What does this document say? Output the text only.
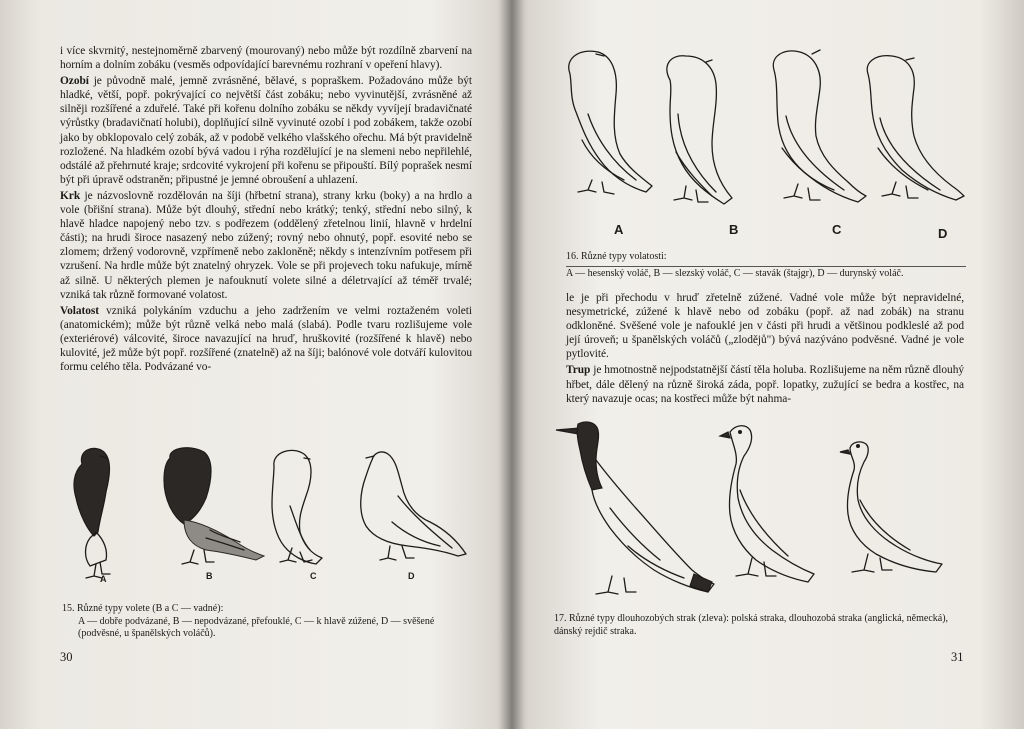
i více skvrnitý, nestejnoměrně zbarvený (mourovaný) nebo může být rozdílně zbarvení na horním a dolním zobáku (vesměs odpovídající barevnému rozhraní v opeření hlavy).

Ozobí je původně malé, jemně zvrásněné, bělavé, s popraškem. Požadováno může být hladké, větší, popř. pokrývající co největší část zobáku; nebo vyvinutější, zvrásněné až silněji rozšířené a zduřelé. Také při kořenu dolního zobáku se někdy vyvíjejí bradavičnaté výrůstky (bradavičnatí holubi), doplňující silně vyvinuté ozobí i pod zobákem, takže ozobí jako by obklopovalo celý zobák, až v podobě velkého vlašského ořechu. Má být pravidelně rozložené. Na hladkém ozobí bývá vadou i rýha rozdělující je na slemeni nebo nepřilehlé, odstálé až přehrnuté kraje; srdcovité vykrojení při kořenu se připouští. Bílý poprašek nesmí být při úpravě odstraněn; připustné je jemné obroušení a uhlazení.

Krk je názvoslovně rozdělován na šíji (hřbetní strana), strany krku (boky) a na hrdlo a vole (břišní strana). Může být dlouhý, střední nebo krátký; tenký, střední nebo silný, k hlavě hladce napojený nebo tzv. s podřezem (oddělený zřetelnou linií, hlavně v hrdelní části); na hrudi široce nasazený nebo zúžený; rovný nebo ohnutý, popř. esovité nebo se zlomem; držený vodorovně, vzpřímeně nebo zakloněně; někdy s intenzívním potřesem při vzrušení. Na hrdle může být znatelný ohryzek. Vole se při projevech toku nafukuje, mírně až silně. U některých plemen je nafouknutí volete silné a déletrvající až téměř trvalé; vzniká tak různě formované volatost.

Volatost vzniká polykáním vzduchu a jeho zadržením ve velmi roztaženém voleti (anatomickém); může být různě velká nebo malá (slabá). Podle tvaru rozlišujeme vole (exteriérové) válcovité, široce navazující na hruď, hruškovité (rozšířené k hlavě) nebo kulovité, jež může být popř. rozšířené (znatelně) až na šíji; balónové vole dotváří kulovitou formu celého těla. Podvázané vo-

A	B	C	D
15. Různé typy volete (B a C — vadné):
A — dobře podvázané, B — nepodvázané, přefouklé, C — k hlavě zúžené, D — svěšené (podvěsné, u španělských voláčů).
30
A	B	C	D
16. Různé typy volatosti:
A — hesenský voláč, B — slezský voláč, C — stavák (štajgr), D — durynský voláč.

le je při přechodu v hruď zřetelně zúžené. Vadné vole může být nepravidelné, nesymetrické, zúžené k hlavě nebo od zobáku (popř. až nad zobák) na stranu odkloněné. Svěšené vole je nafouklé jen v části při hrudi a většinou podkleslé až pod její úroveň; u španělských voláčů („zlodějů") bývá nazýváno podvěsné. Vadné je vole pytlovité.

Trup je hmotnostně nejpodstatnější částí těla holuba. Rozlišujeme na něm různě dlouhý hřbet, dále dělený na různě široká záda, popř. lopatky, zužující se bedra a kostřec, na který navazuje ocas; na kostřeci může být nahma-

17. Různé typy dlouhozobých strak (zleva): polská straka, dlouhozobá straka (anglická, německá), dánský rejdič straka.
31
